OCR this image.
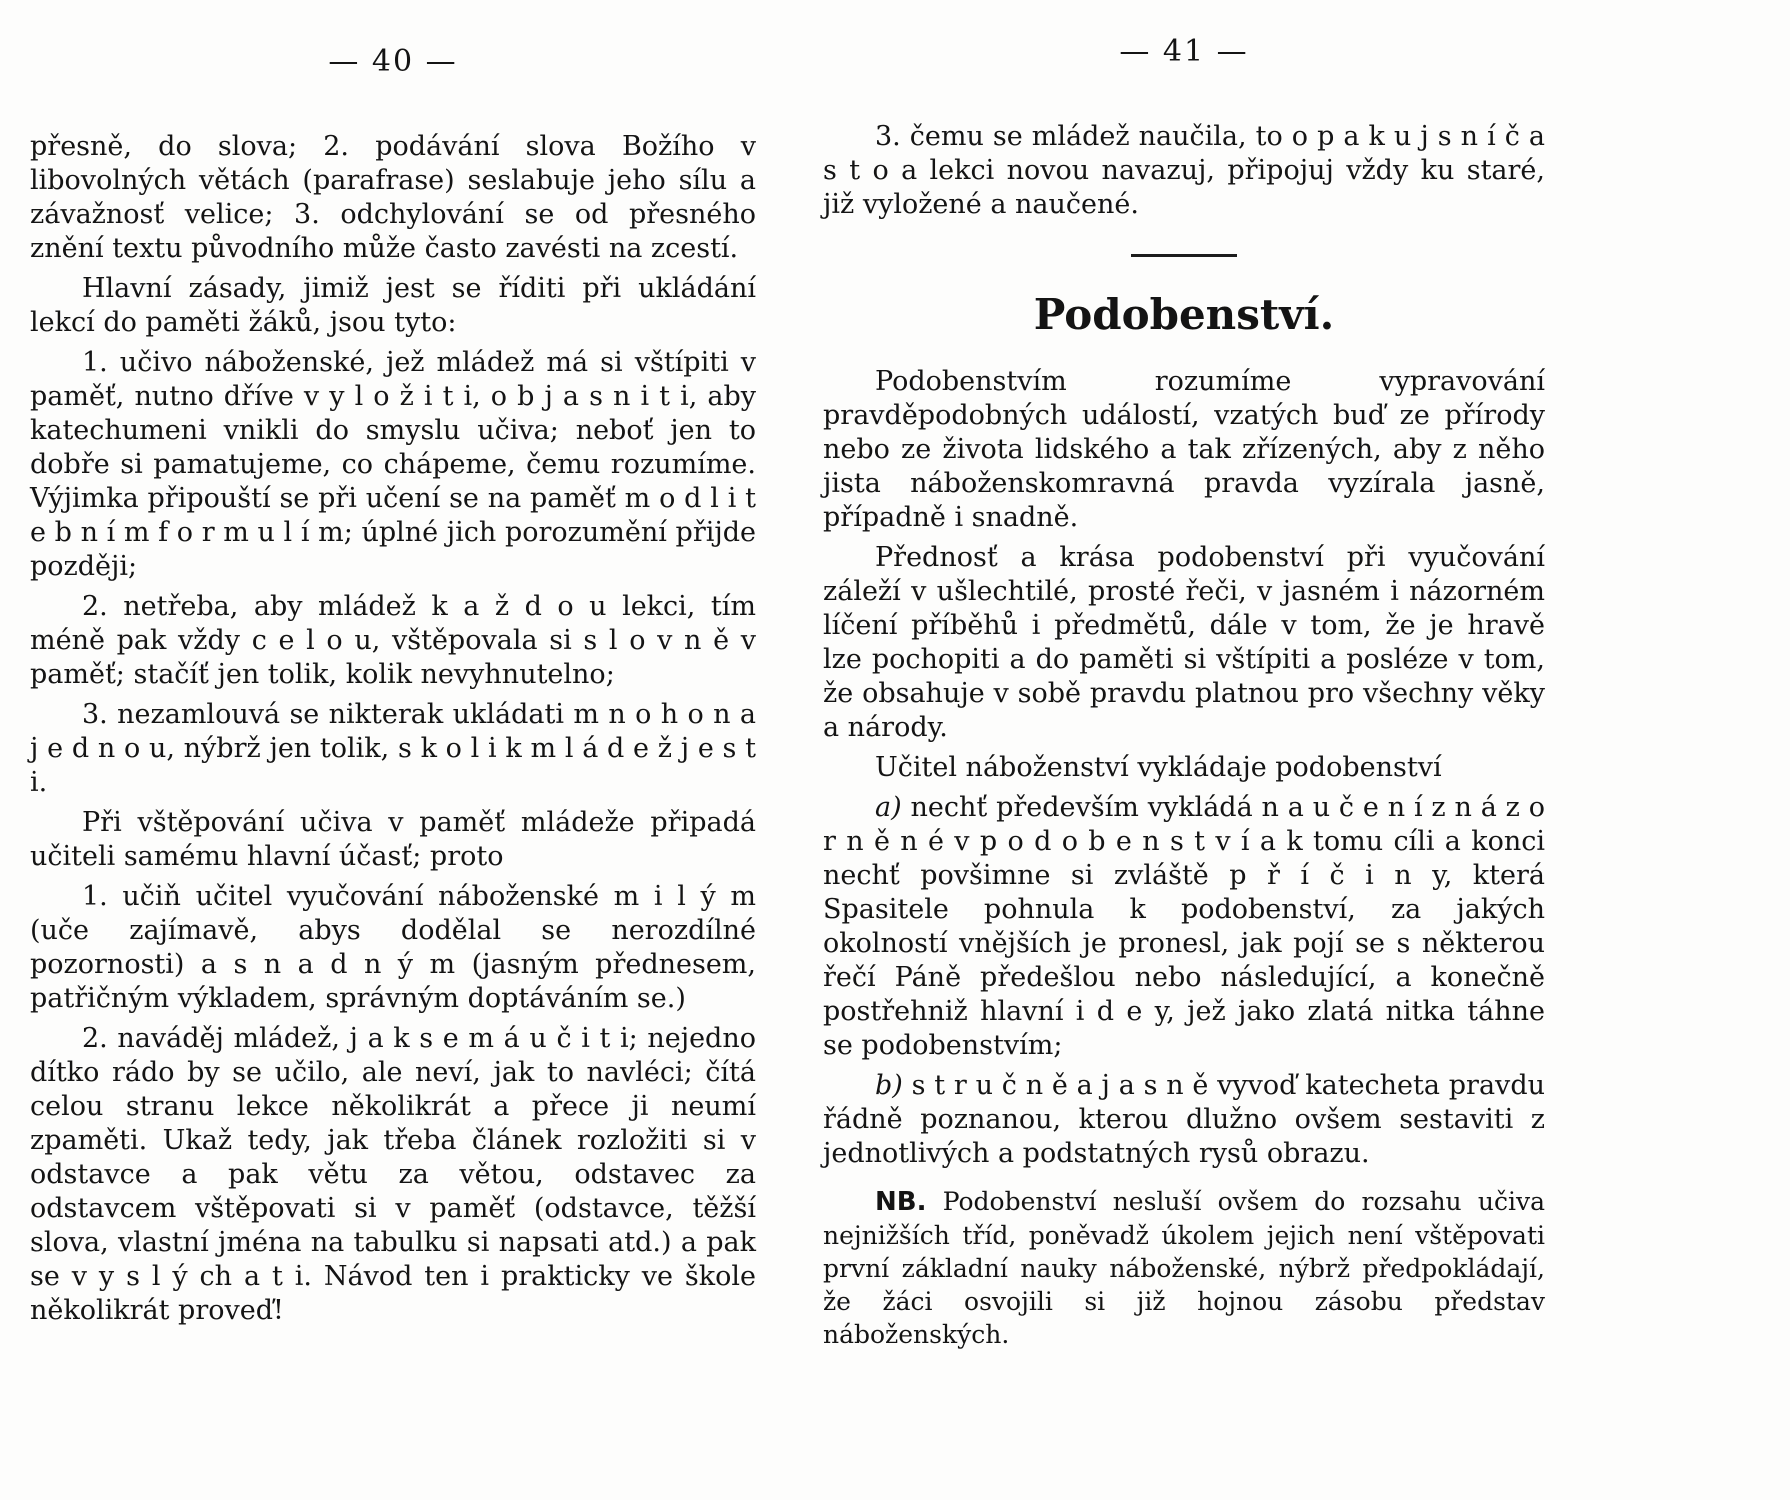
— 40 —

přesně, do slova; 2. podávání slova Božího v libovolných větách (parafrase) seslabuje jeho sílu a závažnosť velice; 3. odchylování se od přesného znění textu původního může často zavésti na zcestí.

Hlavní zásady, jimiž jest se říditi při ukládání lekcí do paměti žáků, jsou tyto:

1. učivo náboženské, jež mládež má si vštípiti v paměť, nutno dříve v y l o ž i t i, o b j a s n i t i, aby katechumeni vnikli do smyslu učiva; neboť jen to dobře si pamatujeme, co chápeme, čemu rozumíme. Výjimka připouští se při učení se na paměť m o d l i t e b n í m f o r m u l í m; úplné jich porozumění přijde později;

2. netřeba, aby mládež k a ž d o u lekci, tím méně pak vždy c e l o u, vštěpovala si s l o v n ě v paměť; stačíť jen tolik, kolik nevyhnutelno;

3. nezamlouvá se nikterak ukládati m n o h o n a j e d n o u, nýbrž jen tolik, s k o l i k m l á d e ž j e s t i.

Při vštěpování učiva v paměť mládeže připadá učiteli samému hlavní účasť; proto

1. učiň učitel vyučování náboženské m i l ý m (uče zajímavě, abys dodělal se nerozdílné pozornosti) a s n a d n ý m (jasným přednesem, patřičným výkladem, správným doptáváním se.)

2. naváděj mládež, j a k s e m á u č i t i; nejedno dítko rádo by se učilo, ale neví, jak to navléci; čítá celou stranu lekce několikrát a přece ji neumí zpaměti. Ukaž tedy, jak třeba článek rozložiti si v odstavce a pak větu za větou, odstavec za odstavcem vštěpovati si v paměť (odstavce, těžší slova, vlastní jména na tabulku si napsati atd.) a pak se v y s l ý ch a t i. Návod ten i prakticky ve škole několikrát proveď!

— 41 —

3. čemu se mládež naučila, to o p a k u j s n í č a s t o a lekci novou navazuj, připojuj vždy ku staré, již vyložené a naučené.

Podobenství.

Podobenstvím rozumíme vypravování pravděpodobných událostí, vzatých buď ze přírody nebo ze života lidského a tak zřízených, aby z něho jista náboženskomravná pravda vyzírala jasně, případně i snadně.

Přednosť a krása podobenství při vyučování záleží v ušlechtilé, prosté řeči, v jasném i názorném líčení příběhů i předmětů, dále v tom, že je hravě lze pochopiti a do paměti si vštípiti a posléze v tom, že obsahuje v sobě pravdu platnou pro všechny věky a národy.

Učitel náboženství vykládaje podobenství

a) nechť především vykládá n a u č e n í z n á z o r n ě n é v p o d o b e n s t v í a k tomu cíli a konci nechť povšimne si zvláště p ř í č i n y, která Spasitele pohnula k podobenství, za jakých okolností vnějších je pronesl, jak pojí se s některou řečí Páně předešlou nebo následující, a konečně postřehniž hlavní i d e y, jež jako zlatá nitka táhne se podobenstvím;

b) s t r u č n ě a j a s n ě vyvoď katecheta pravdu řádně poznanou, kterou dlužno ovšem sestaviti z jednotlivých a podstatných rysů obrazu.

NB. Podobenství nesluší ovšem do rozsahu učiva nejnižších tříd, poněvadž úkolem jejich není vštěpovati první základní nauky náboženské, nýbrž předpokládají, že žáci osvojili si již hojnou zásobu představ náboženských.
